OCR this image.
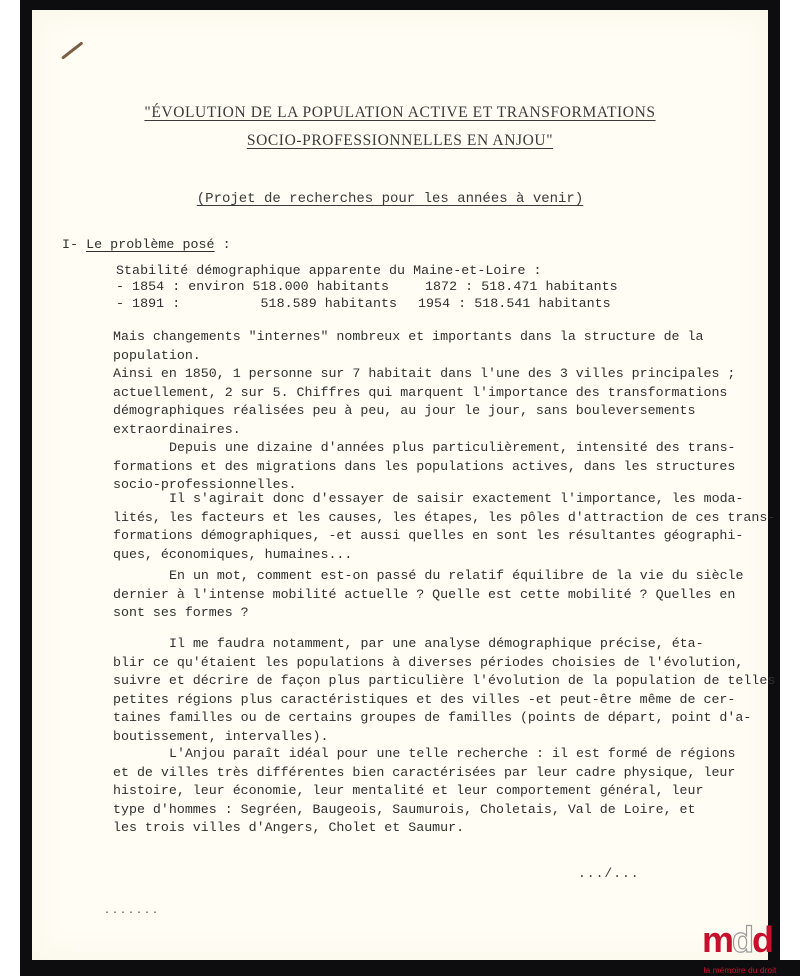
"ÉVOLUTION DE LA POPULATION ACTIVE ET TRANSFORMATIONS
SOCIO-PROFESSIONNELLES EN ANJOU"
(Projet de recherches pour les années à venir)
I- Le problème posé :
Stabilité démographique apparente du Maine-et-Loire :
- 1854 : environ 518.000 habitants	1872 : 518.471 habitants
- 1891 :          518.589 habitants 1954 : 518.541 habitants
Mais changements "internes" nombreux et importants dans la structure de la
population.
Ainsi en 1850, 1 personne sur 7 habitait dans l'une des 3 villes principales ;
actuellement, 2 sur 5. Chiffres qui marquent l'importance des transformations
démographiques réalisées peu à peu, au jour le jour, sans bouleversements
extraordinaires.
Depuis une dizaine d'années plus particulièrement, intensité des trans-
formations et des migrations dans les populations actives, dans les structures
socio-professionnelles.
Il s'agirait donc d'essayer de saisir exactement l'importance, les moda-
lités, les facteurs et les causes, les étapes, les pôles d'attraction de ces trans-
formations démographiques, -et aussi quelles en sont les résultantes géographi-
ques, économiques, humaines...
En un mot, comment est-on passé du relatif équilibre de la vie du siècle
dernier à l'intense mobilité actuelle ? Quelle est cette mobilité ? Quelles en
sont ses formes ?
Il me faudra notamment, par une analyse démographique précise, éta-
blir ce qu'étaient les populations à diverses périodes choisies de l'évolution,
suivre et décrire de façon plus particulière l'évolution de la population de telles
petites régions plus caractéristiques et des villes -et peut-être même de cer-
taines familles ou de certains groupes de familles (points de départ, point d'a-
boutissement, intervalles).
L'Anjou paraît idéal pour une telle recherche : il est formé de régions
et de villes très différentes bien caractérisées par leur cadre physique, leur
histoire, leur économie, leur mentalité et leur comportement général, leur
type d'hommes : Segréen, Baugeois, Saumurois, Choletais, Val de Loire, et
les trois villes d'Angers, Cholet et Saumur.
.../...
.......
mdd
la mémoire du droit
